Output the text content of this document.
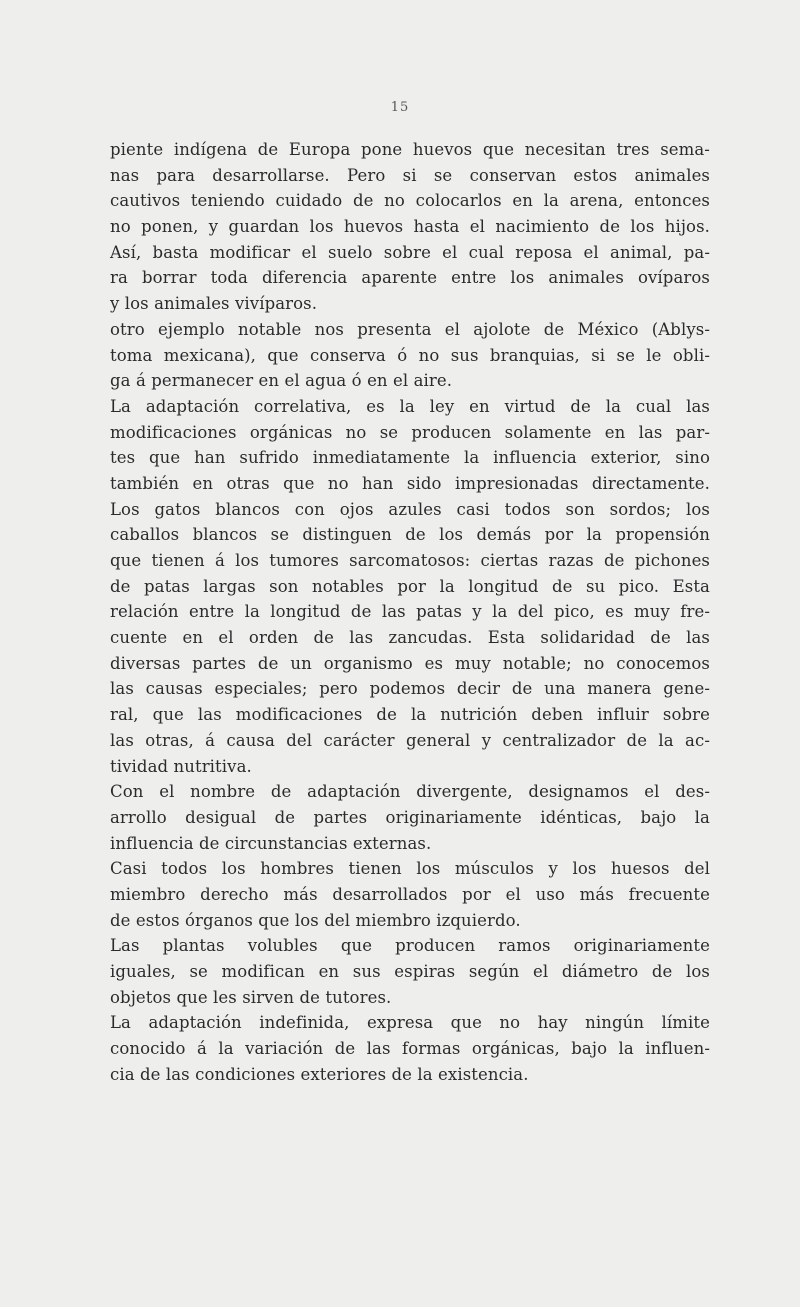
15
piente indígena de Europa pone huevos que necesitan tres sema-
nas para desarrollarse. Pero si se conservan estos animales
cautivos teniendo cuidado de no colocarlos en la arena, entonces
no ponen, y guardan los huevos hasta el nacimiento de los hijos.
Así, basta modificar el suelo sobre el cual reposa el animal, pa-
ra borrar toda diferencia aparente entre los animales ovíparos
y los animales vivíparos.
otro ejemplo notable nos presenta el ajolote de México (Ablys-
toma mexicana), que conserva ó no sus branquias, si se le obli-
ga á permanecer en el agua ó en el aire.
La adaptación correlativa, es la ley en virtud de la cual las
modificaciones orgánicas no se producen solamente en las par-
tes que han sufrido inmediatamente la influencia exterior, sino
también en otras que no han sido impresionadas directamente.
Los gatos blancos con ojos azules casi todos son sordos; los
caballos blancos se distinguen de los demás por la propensión
que tienen á los tumores sarcomatosos: ciertas razas de pichones
de patas largas son notables por la longitud de su pico. Esta
relación entre la longitud de las patas y la del pico, es muy fre-
cuente en el orden de las zancudas. Esta solidaridad de las
diversas partes de un organismo es muy notable; no conocemos
las causas especiales; pero podemos decir de una manera gene-
ral, que las modificaciones de la nutrición deben influir sobre
las otras, á causa del carácter general y centralizador de la ac-
tividad nutritiva.
Con el nombre de adaptación divergente, designamos el des-
arrollo desigual de partes originariamente idénticas, bajo la
influencia de circunstancias externas.
Casi todos los hombres tienen los músculos y los huesos del
miembro derecho más desarrollados por el uso más frecuente
de estos órganos que los del miembro izquierdo.
Las plantas volubles que producen ramos originariamente
iguales, se modifican en sus espiras según el diámetro de los
objetos que les sirven de tutores.
La adaptación indefinida, expresa que no hay ningún límite
conocido á la variación de las formas orgánicas, bajo la influen-
cia de las condiciones exteriores de la existencia.
